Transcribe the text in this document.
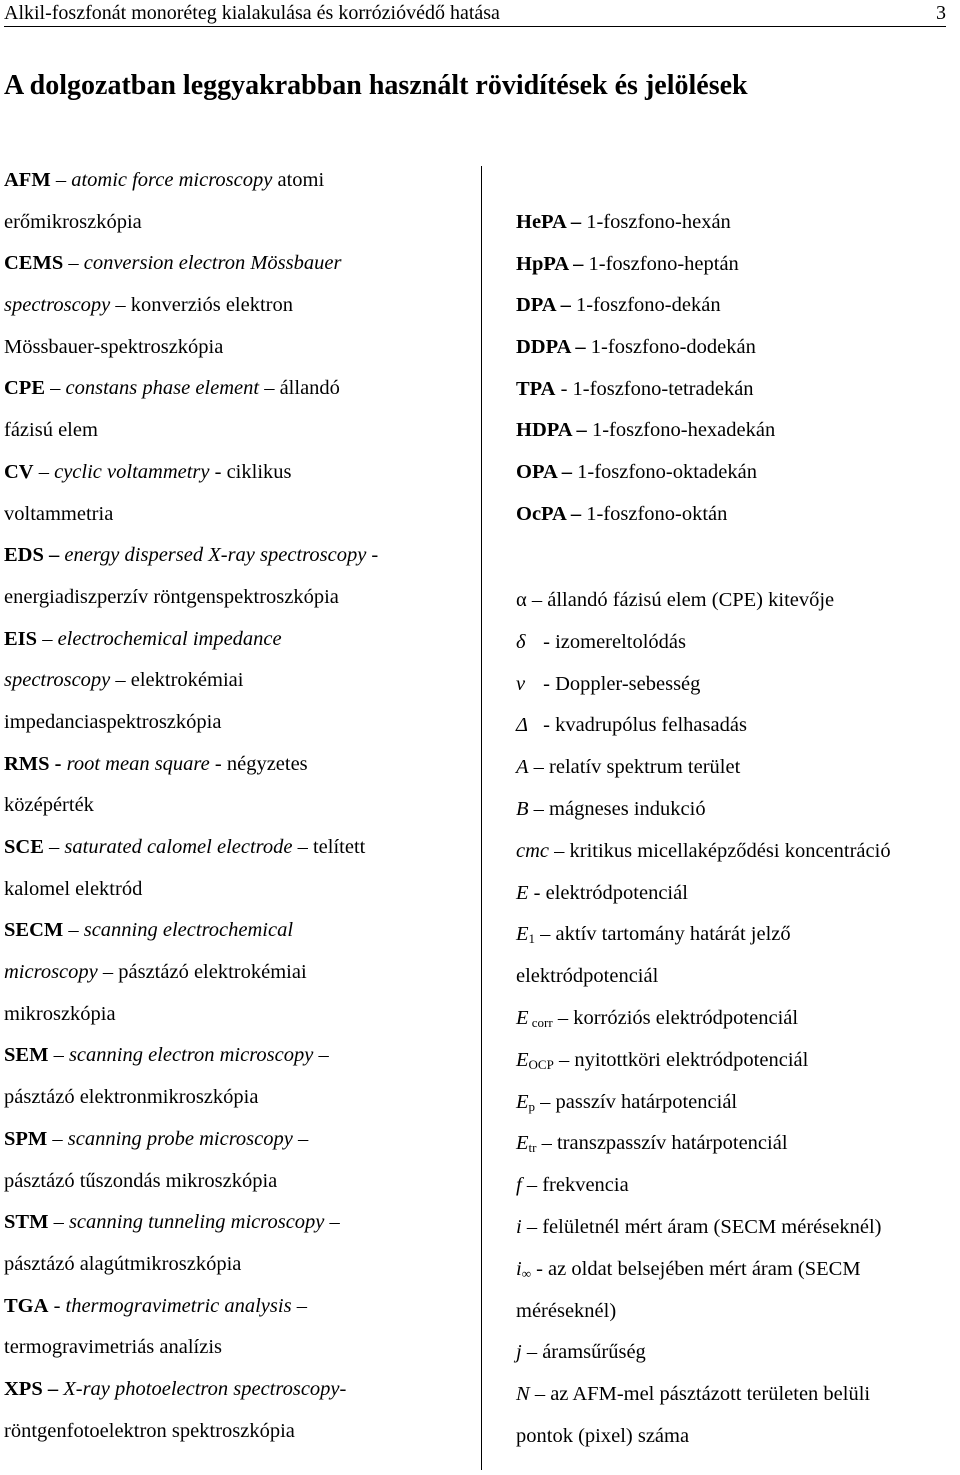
Alkil-foszfonát monoréteg kialakulása és korrózióvédő hatása	3
A dolgozatban leggyakrabban használt rövidítések és jelölések
AFM – atomic force microscopy atomi
erőmikroszkópia
CEMS – conversion electron Mössbauer
spectroscopy – konverziós elektron
Mössbauer-spektroszkópia
CPE – constans phase element – állandó
fázisú elem
CV – cyclic voltammetry - ciklikus
voltammetria
EDS – energy dispersed X-ray spectroscopy -
energiadiszperzív röntgenspektroszkópia
EIS – electrochemical impedance
spectroscopy – elektrokémiai
impedanciaspektroszkópia
RMS - root mean square - négyzetes
középérték
SCE – saturated calomel electrode – telített
kalomel elektród
SECM – scanning electrochemical
microscopy – pásztázó elektrokémiai
mikroszkópia
SEM – scanning electron microscopy –
pásztázó elektronmikroszkópia
SPM – scanning probe microscopy –
pásztázó tűszondás mikroszkópia
STM – scanning tunneling microscopy –
pásztázó alagútmikroszkópia
TGA - thermogravimetric analysis –
termogravimetriás analízis
XPS – X-ray photoelectron spectroscopy-
röntgenfotoelektron spektroszkópia
HePA – 1-foszfono-hexán
HpPA – 1-foszfono-heptán
DPA – 1-foszfono-dekán
DDPA – 1-foszfono-dodekán
TPA - 1-foszfono-tetradekán
HDPA – 1-foszfono-hexadekán
OPA – 1-foszfono-oktadekán
OcPA – 1-foszfono-oktán
α – állandó fázisú elem (CPE) kitevője
δ - izomereltolódás
ν - Doppler-sebesség
Δ - kvadrupólus felhasadás
A – relatív spektrum terület
B – mágneses indukció
cmc – kritikus micellaképződési koncentráció
E - elektródpotenciál
$E_1$ – aktív tartomány határát jelző
elektródpotenciál
E $_{corr}$ – korróziós elektródpotenciál
$E_{OCP}$ – nyitottköri elektródpotenciál
$E_p$ – passzív határpotenciál
$E_{tr}$ – transzpasszív határpotenciál
f – frekvencia
i – felületnél mért áram (SECM méréseknél)
$i_\infty$ - az oldat belsejében mért áram (SECM
méréseknél)
j – áramsűrűség
N – az AFM-mel pásztázott területen belüli
pontok (pixel) száma
